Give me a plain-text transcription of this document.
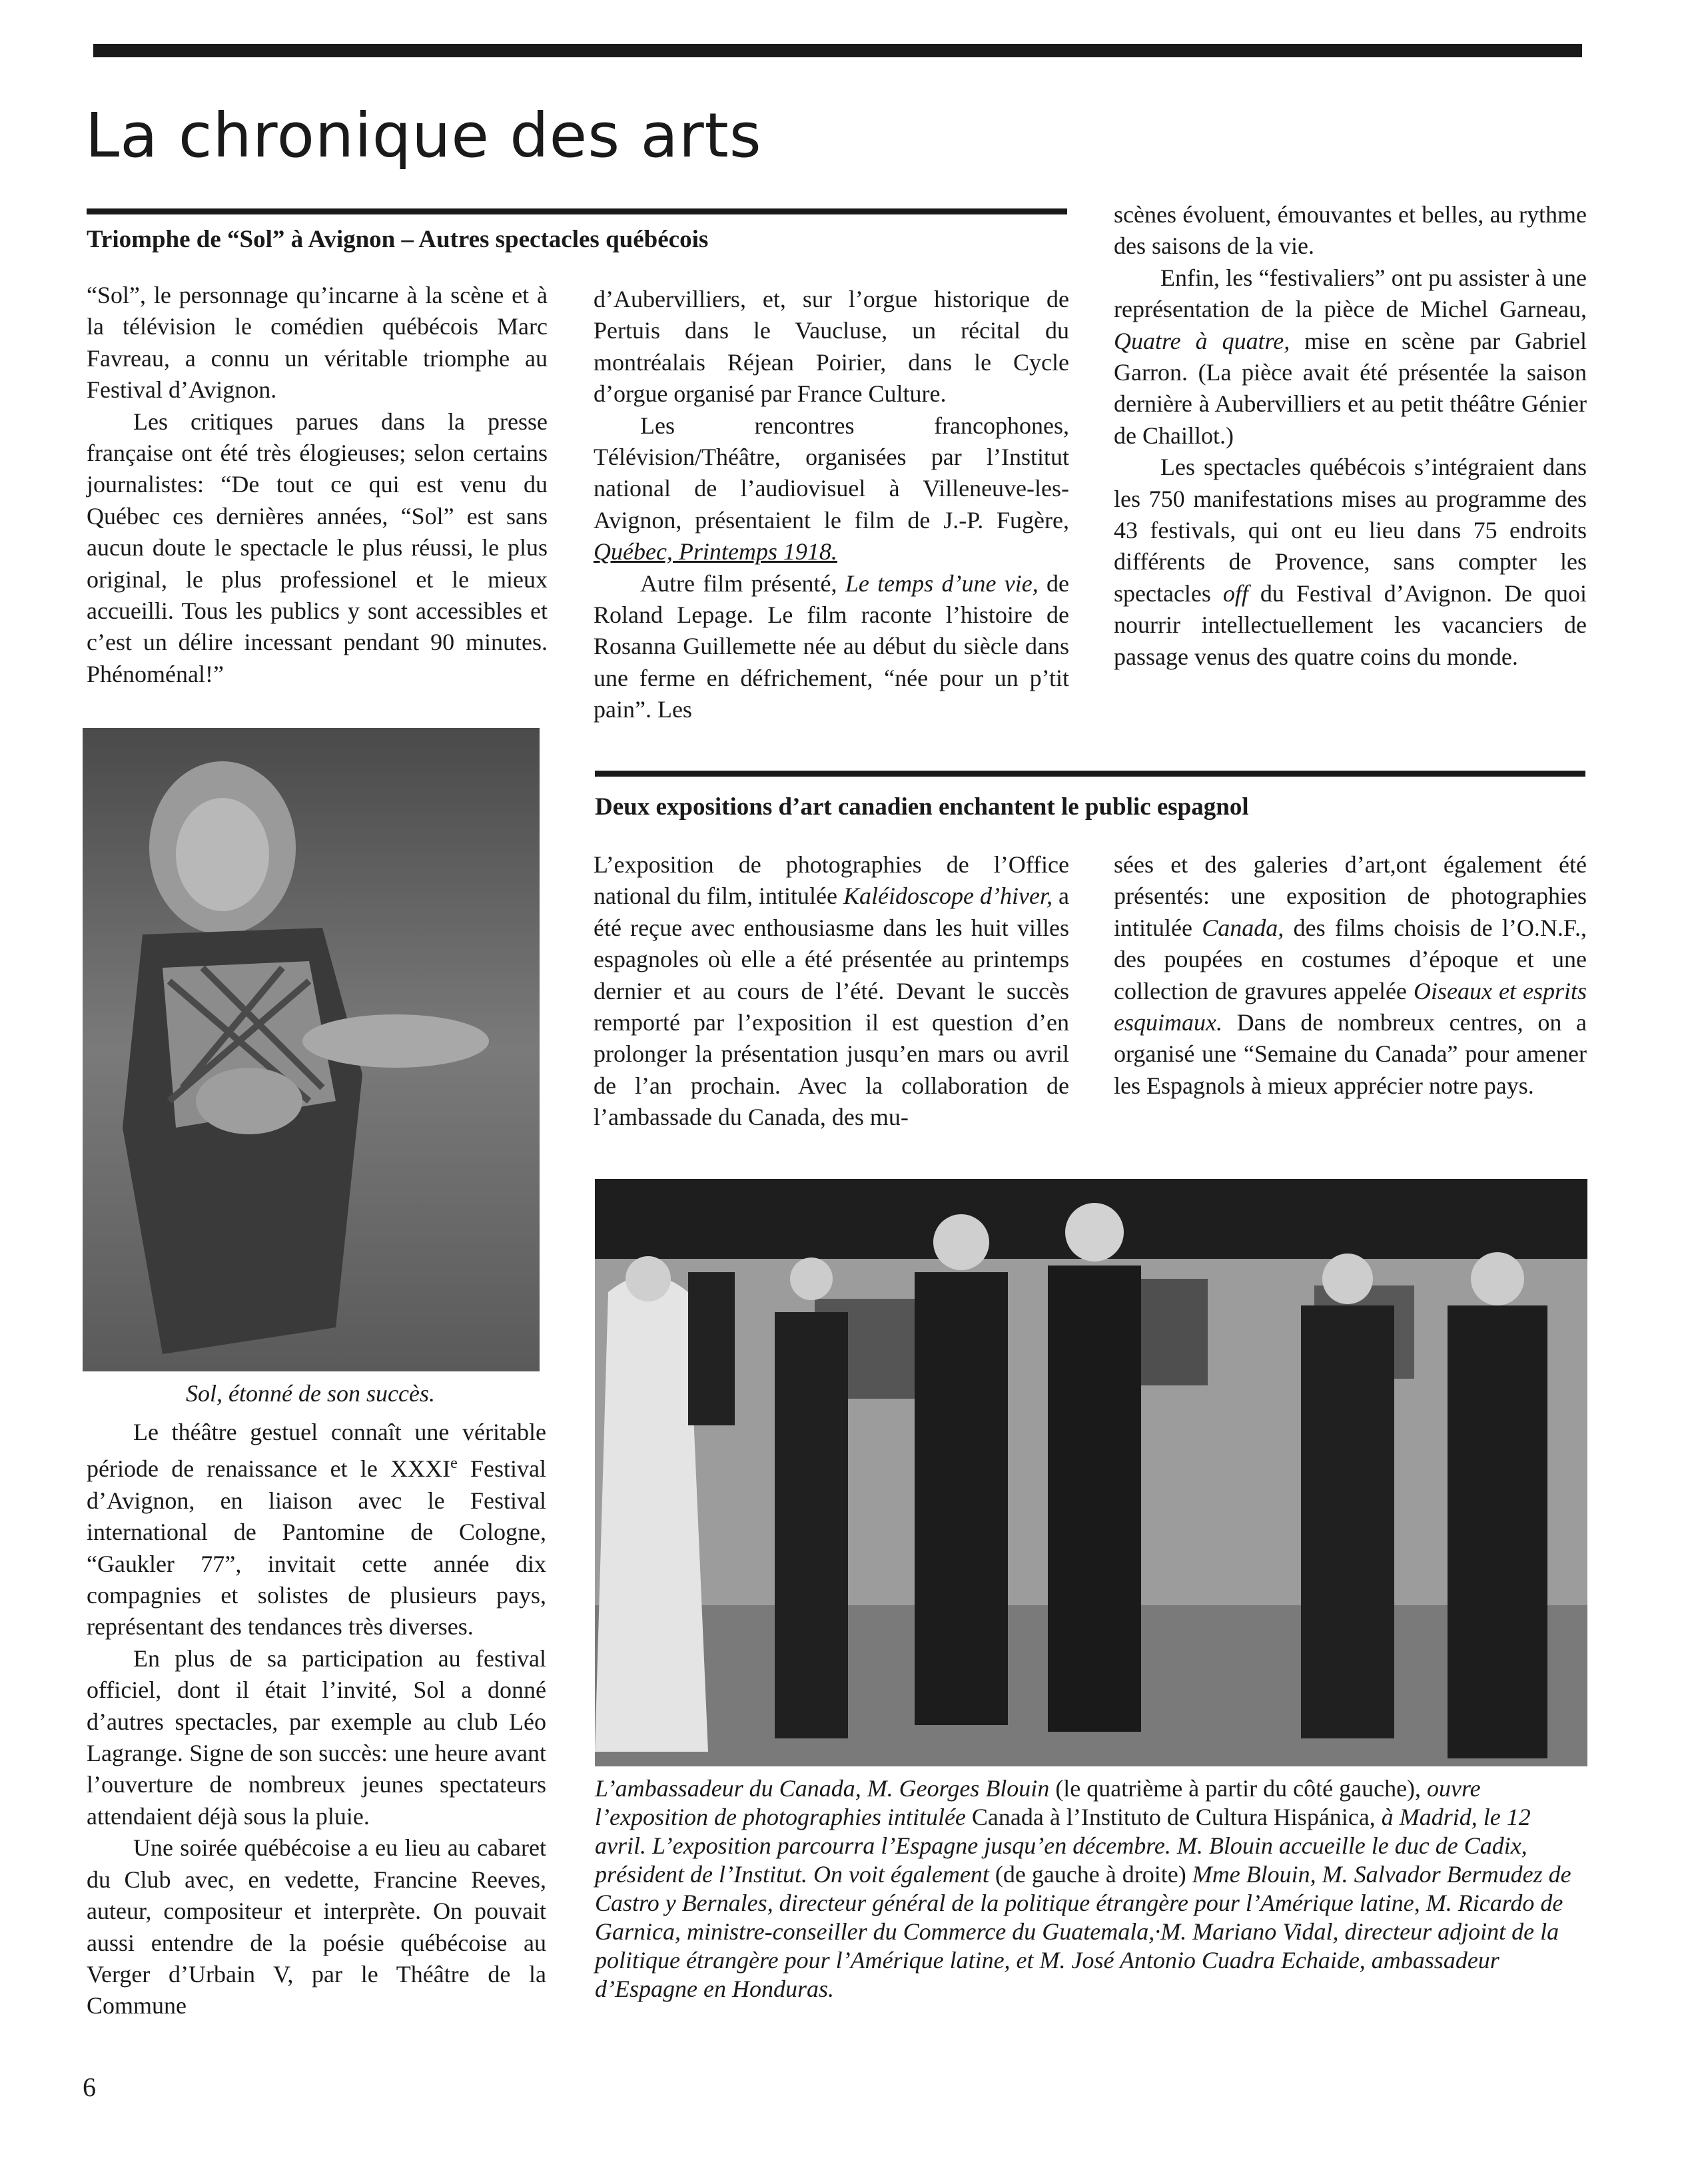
La chronique des arts
Triomphe de “Sol” à Avignon – Autres spectacles québécois

“Sol”, le personnage qu’incarne à la scène et à la télévision le comédien québécois Marc Favreau, a connu un véritable triomphe au Festival d’Avignon.

Les critiques parues dans la presse française ont été très élogieuses; selon certains journalistes: “De tout ce qui est venu du Québec ces dernières années, “Sol” est sans aucun doute le spectacle le plus réussi, le plus original, le plus professionel et le mieux accueilli. Tous les publics y sont accessibles et c’est un délire incessant pendant 90 minutes. Phénoménal!”

Sol, étonné de son succès.

Le théâtre gestuel connaît une véritable période de renaissance et le XXXIe Festival d’Avignon, en liaison avec le Festival international de Pantomine de Cologne, “Gaukler 77”, invitait cette année dix compagnies et solistes de plusieurs pays, représentant des tendances très diverses.

En plus de sa participation au festival officiel, dont il était l’invité, Sol a donné d’autres spectacles, par exemple au club Léo Lagrange. Signe de son succès: une heure avant l’ouverture de nombreux jeunes spectateurs attendaient déjà sous la pluie.

Une soirée québécoise a eu lieu au cabaret du Club avec, en vedette, Francine Reeves, auteur, compositeur et interprète. On pouvait aussi entendre de la poésie québécoise au Verger d’Urbain V, par le Théâtre de la Commune

d’Aubervilliers, et, sur l’orgue historique de Pertuis dans le Vaucluse, un récital du montréalais Réjean Poirier, dans le Cycle d’orgue organisé par France Culture.

Les rencontres francophones, Télévision/Théâtre, organisées par l’Institut national de l’audiovisuel à Villeneuve-les-Avignon, présentaient le film de J.-P. Fugère, Québec, Printemps 1918.

Autre film présenté, Le temps d’une vie, de Roland Lepage. Le film raconte l’histoire de Rosanna Guillemette née au début du siècle dans une ferme en défrichement, “née pour un p’tit pain”. Les

scènes évoluent, émouvantes et belles, au rythme des saisons de la vie.

Enfin, les “festivaliers” ont pu assister à une représentation de la pièce de Michel Garneau, Quatre à quatre, mise en scène par Gabriel Garron. (La pièce avait été présentée la saison dernière à Aubervilliers et au petit théâtre Génier de Chaillot.)

Les spectacles québécois s’intégraient dans les 750 manifestations mises au programme des 43 festivals, qui ont eu lieu dans 75 endroits différents de Provence, sans compter les spectacles off du Festival d’Avignon. De quoi nourrir intellectuellement les vacanciers de passage venus des quatre coins du monde.

Deux expositions d’art canadien enchantent le public espagnol

L’exposition de photographies de l’Office national du film, intitulée Kaléidoscope d’hiver, a été reçue avec enthousiasme dans les huit villes espagnoles où elle a été présentée au printemps dernier et au cours de l’été. Devant le succès remporté par l’exposition il est question d’en prolonger la présentation jusqu’en mars ou avril de l’an prochain. Avec la collaboration de l’ambassade du Canada, des mu-

sées et des galeries d’art,ont également été présentés: une exposition de photographies intitulée Canada, des films choisis de l’O.N.F., des poupées en costumes d’époque et une collection de gravures appelée Oiseaux et esprits esquimaux. Dans de nombreux centres, on a organisé une “Semaine du Canada” pour amener les Espagnols à mieux apprécier notre pays.

L’ambassadeur du Canada, M. Georges Blouin (le quatrième à partir du côté gauche), ouvre l’exposition de photographies intitulée Canada à l’Instituto de Cultura Hispánica, à Madrid, le 12 avril. L’exposition parcourra l’Espagne jusqu’en décembre. M. Blouin accueille le duc de Cadix, président de l’Institut. On voit également (de gauche à droite) Mme Blouin, M. Salvador Bermudez de Castro y Bernales, directeur général de la politique étrangère pour l’Amérique latine, M. Ricardo de Garnica, ministre-conseiller du Commerce du Guatemala,·M. Mariano Vidal, directeur adjoint de la politique étrangère pour l’Amérique latine, et M. José Antonio Cuadra Echaide, ambassadeur d’Espagne en Honduras.
6
